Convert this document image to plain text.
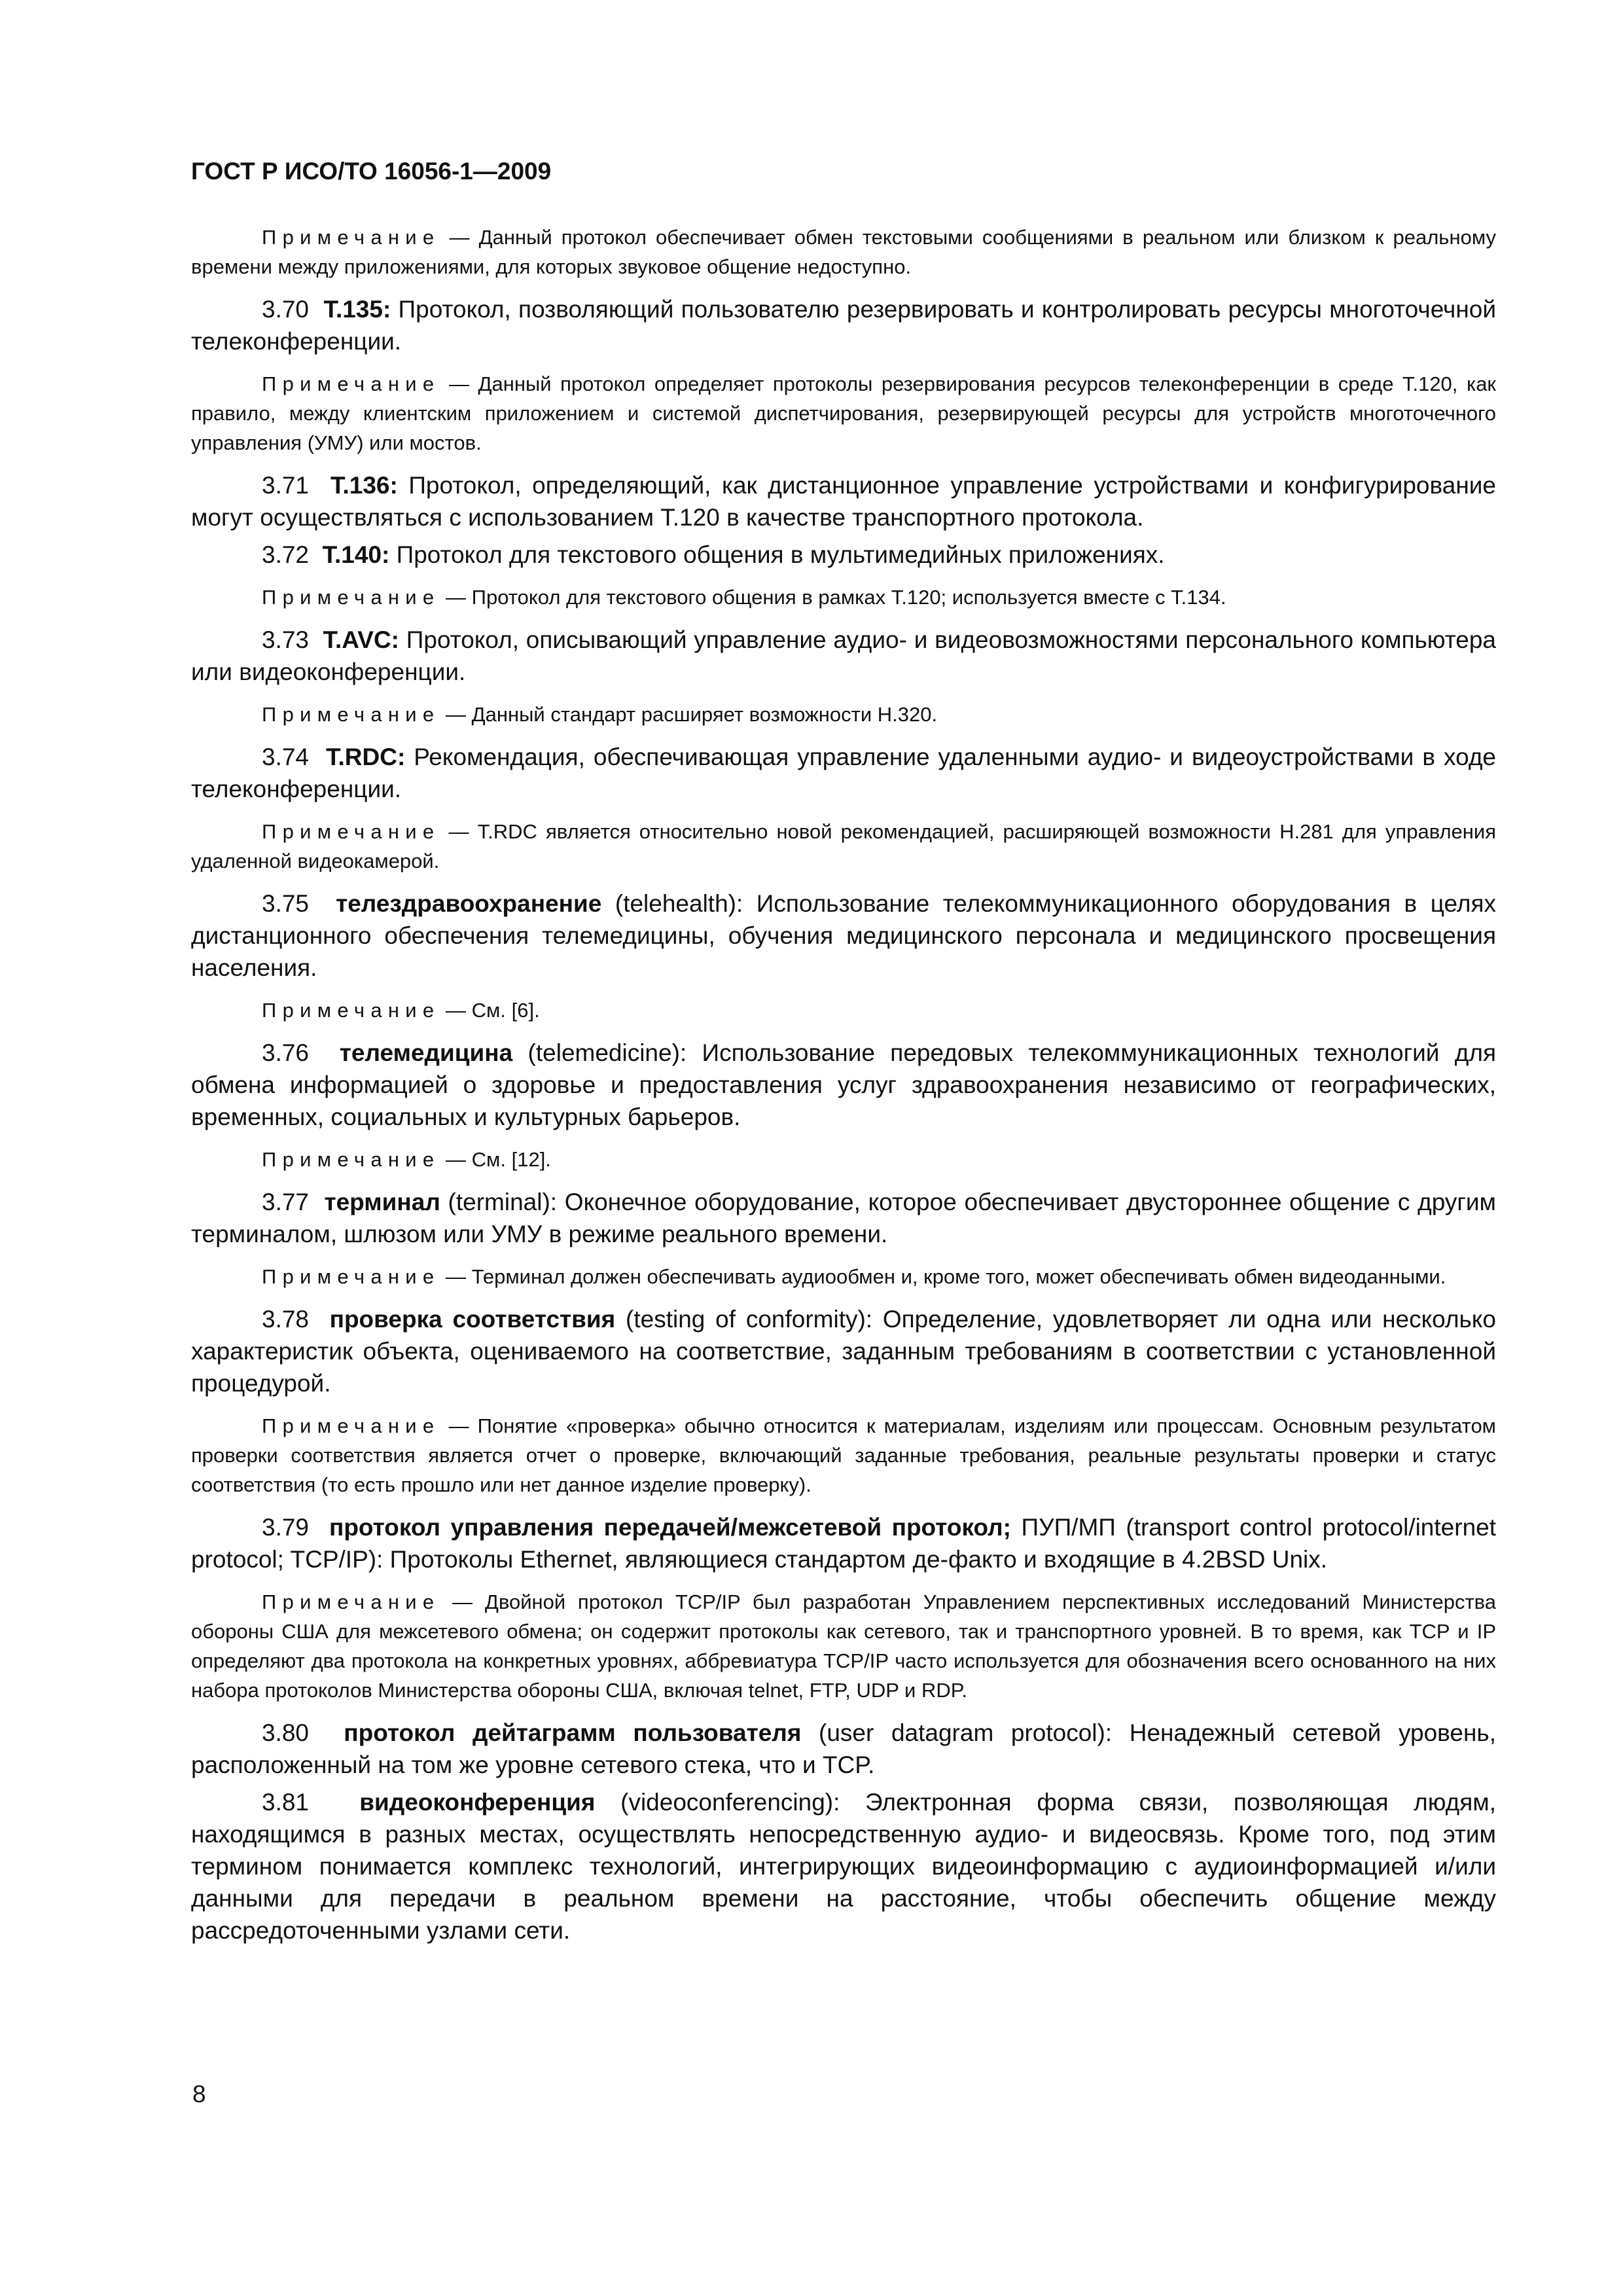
ГОСТ Р ИСО/ТО 16056-1—2009

Примечание — Данный протокол обеспечивает обмен текстовыми сообщениями в реальном или близком к реальному времени между приложениями, для которых звуковое общение недоступно.

3.70 Т.135: Протокол, позволяющий пользователю резервировать и контролировать ресурсы многоточечной телеконференции.

Примечание — Данный протокол определяет протоколы резервирования ресурсов телеконференции в среде Т.120, как правило, между клиентским приложением и системой диспетчирования, резервирующей ресурсы для устройств многоточечного управления (УМУ) или мостов.

3.71 Т.136: Протокол, определяющий, как дистанционное управление устройствами и конфигурирование могут осуществляться с использованием Т.120 в качестве транспортного протокола.

3.72 Т.140: Протокол для текстового общения в мультимедийных приложениях.

Примечание — Протокол для текстового общения в рамках Т.120; используется вместе с Т.134.

3.73 T.AVC: Протокол, описывающий управление аудио- и видеовозможностями персонального компьютера или видеоконференции.

Примечание — Данный стандарт расширяет возможности Н.320.

3.74 T.RDC: Рекомендация, обеспечивающая управление удаленными аудио- и видеоустройствами в ходе телеконференции.

Примечание — T.RDC является относительно новой рекомендацией, расширяющей возможности Н.281 для управления удаленной видеокамерой.

3.75 телездравоохранение (telehealth): Использование телекоммуникационного оборудования в целях дистанционного обеспечения телемедицины, обучения медицинского персонала и медицинского просвещения населения.

Примечание — См. [6].

3.76 телемедицина (telemedicine): Использование передовых телекоммуникационных технологий для обмена информацией о здоровье и предоставления услуг здравоохранения независимо от географических, временных, социальных и культурных барьеров.

Примечание — См. [12].

3.77 терминал (terminal): Оконечное оборудование, которое обеспечивает двустороннее общение с другим терминалом, шлюзом или УМУ в режиме реального времени.

Примечание — Терминал должен обеспечивать аудиообмен и, кроме того, может обеспечивать обмен видеоданными.

3.78 проверка соответствия (testing of conformity): Определение, удовлетворяет ли одна или несколько характеристик объекта, оцениваемого на соответствие, заданным требованиям в соответствии с установленной процедурой.

Примечание — Понятие «проверка» обычно относится к материалам, изделиям или процессам. Основным результатом проверки соответствия является отчет о проверке, включающий заданные требования, реальные результаты проверки и статус соответствия (то есть прошло или нет данное изделие проверку).

3.79 протокол управления передачей/межсетевой протокол; ПУП/МП (transport control protocol/internet protocol; TCP/IP): Протоколы Ethernet, являющиеся стандартом де-факто и входящие в 4.2BSD Unix.

Примечание — Двойной протокол TCP/IP был разработан Управлением перспективных исследований Министерства обороны США для межсетевого обмена; он содержит протоколы как сетевого, так и транспортного уровней. В то время, как TCP и IP определяют два протокола на конкретных уровнях, аббревиатура TCP/IP часто используется для обозначения всего основанного на них набора протоколов Министерства обороны США, включая telnet, FTP, UDP и RDP.

3.80 протокол дейтаграмм пользователя (user datagram protocol): Ненадежный сетевой уровень, расположенный на том же уровне сетевого стека, что и TCP.

3.81 видеоконференция (videoconferencing): Электронная форма связи, позволяющая людям, находящимся в разных местах, осуществлять непосредственную аудио- и видеосвязь. Кроме того, под этим термином понимается комплекс технологий, интегрирующих видеоинформацию с аудиоинформацией и/или данными для передачи в реальном времени на расстояние, чтобы обеспечить общение между рассредоточенными узлами сети.

8
